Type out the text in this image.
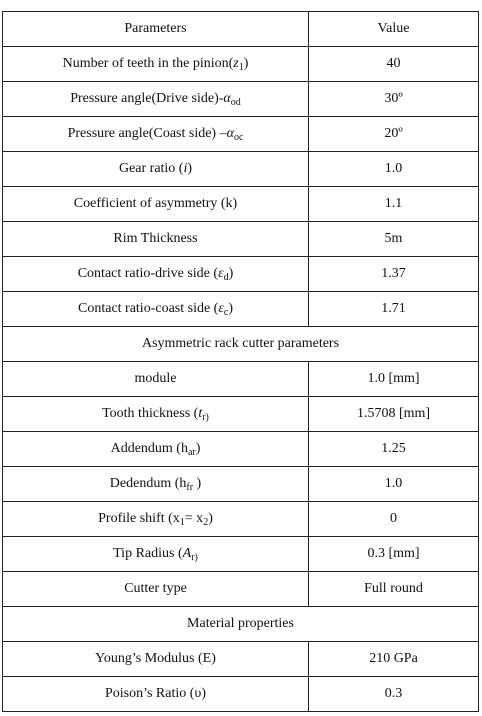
Parameters	Value
Number of teeth in the $pinion(z_1)$	40
Pressure angle(Drive $side)-\alpha_{od}$	30º
Pressure angle(Coast side) $-\alpha_{oc}$	20º
Gear ratio (i)	1.0
Coefficient of asymmetry (k)	1.1
Rim Thickness	5m
Contact ratio-drive side $(\varepsilon_d)$	1.37
Contact ratio-coast side $(\varepsilon_c)$	1.71
Asymmetric rack cutter parameters	
module	1.0 [mm]
Tooth thickness ($t_{r)}$	1.5708 [mm]
Addendum $(h_{ar})$	1.25
Dedendum ($h_{fr}$ )	1.0
Profile shift $(x_1= x_2)$	0
Tip Radius ($A_{r)}$	0.3 [mm]
Cutter type	Full round
Material properties	
Young’s Modulus (E)	210 GPa
Poison’s Ratio (υ)	0.3
